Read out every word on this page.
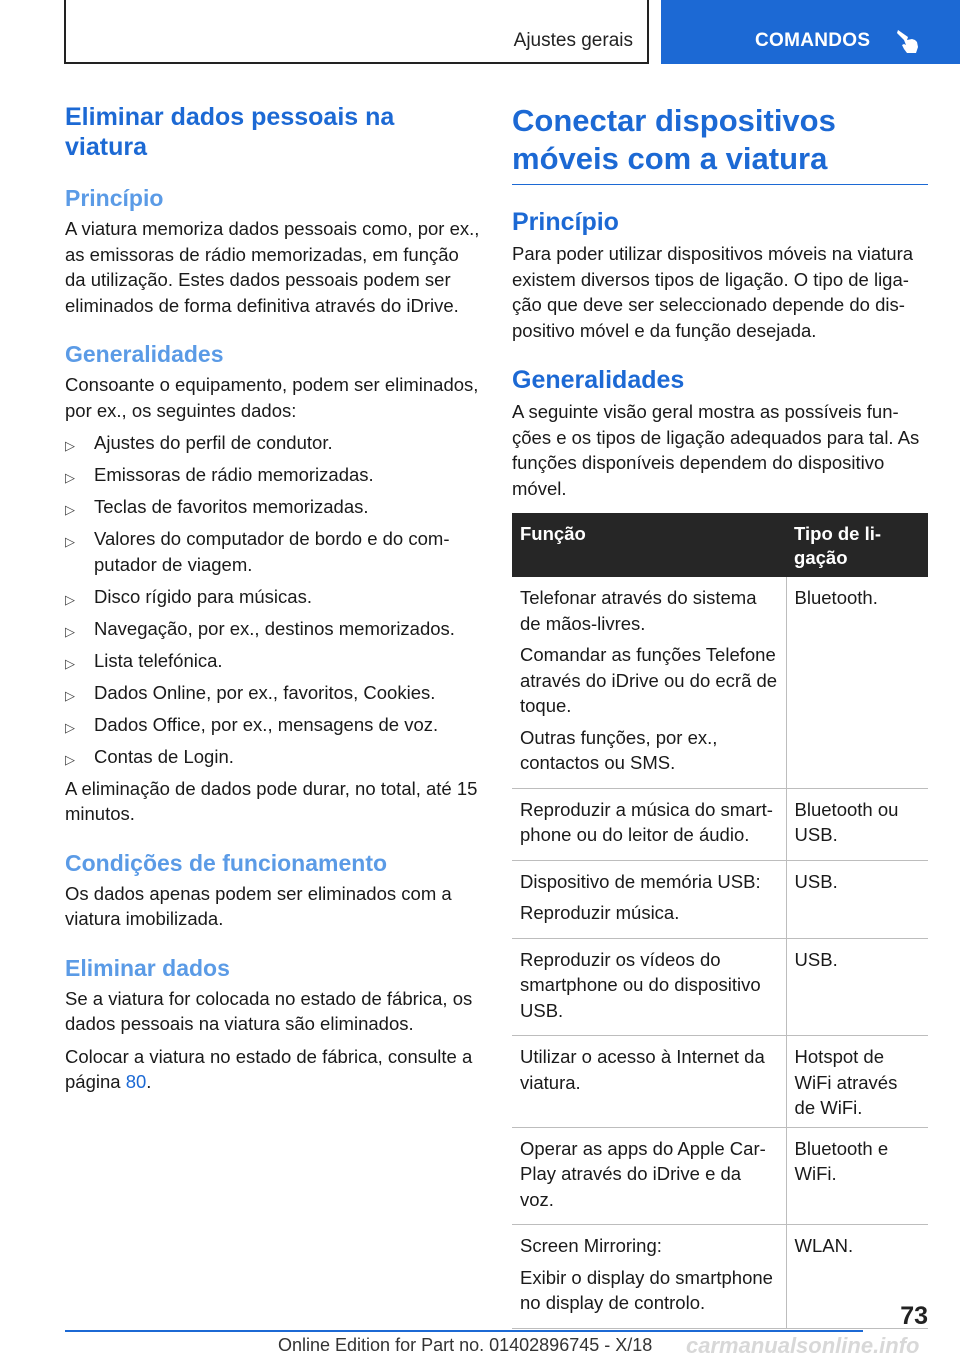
Ajustes gerais	COMANDOS
Eliminar dados pessoais na viatura
Princípio

A viatura memoriza dados pessoais como, por ex., as emissoras de rádio memorizadas, em função da utilização. Estes dados pessoais podem ser eliminados de forma definitiva através do iDrive.

Generalidades

Consoante o equipamento, podem ser eliminados, por ex., os seguintes dados:

▷ Ajustes do perfil de condutor.
▷ Emissoras de rádio memorizadas.
▷ Teclas de favoritos memorizadas.
▷ Valores do computador de bordo e do computador de viagem.
▷ Disco rígido para músicas.
▷ Navegação, por ex., destinos memorizados.
▷ Lista telefónica.
▷ Dados Online, por ex., favoritos, Cookies.
▷ Dados Office, por ex., mensagens de voz.
▷ Contas de Login.

A eliminação de dados pode durar, no total, até 15 minutos.

Condições de funcionamento

Os dados apenas podem ser eliminados com a viatura imobilizada.

Eliminar dados

Se a viatura for colocada no estado de fábrica, os dados pessoais na viatura são eliminados.

Colocar a viatura no estado de fábrica, consulte a página 80.

Conectar dispositivos móveis com a viatura
Princípio

Para poder utilizar dispositivos móveis na viatura existem diversos tipos de ligação. O tipo de ligação que deve ser seleccionado depende do dispositivo móvel e da função desejada.

Generalidades

A seguinte visão geral mostra as possíveis funções e os tipos de ligação adequados para tal. As funções disponíveis dependem do dispositivo móvel.

Função	Tipo de ligação

Telefonar através do sistema de mãos-livres.

Comandar as funções Telefone através do iDrive ou do ecrã de toque.

Outras funções, por ex., contactos ou SMS.	Bluetooth.

Reproduzir a música do smartphone ou do leitor de áudio.	Bluetooth ou USB.

Dispositivo de memória USB:

Reproduzir música.	USB.

Reproduzir os vídeos do smartphone ou do dispositivo USB.	USB.

Utilizar o acesso à Internet da viatura.	Hotspot de WiFi através de WiFi.

Operar as apps do Apple CarPlay através do iDrive e da voz.	Bluetooth e WiFi.

Screen Mirroring:

Exibir o display do smartphone no display de controlo.	WLAN.
73
Online Edition for Part no. 01402896745 - X/18 carmanualsonline.info
